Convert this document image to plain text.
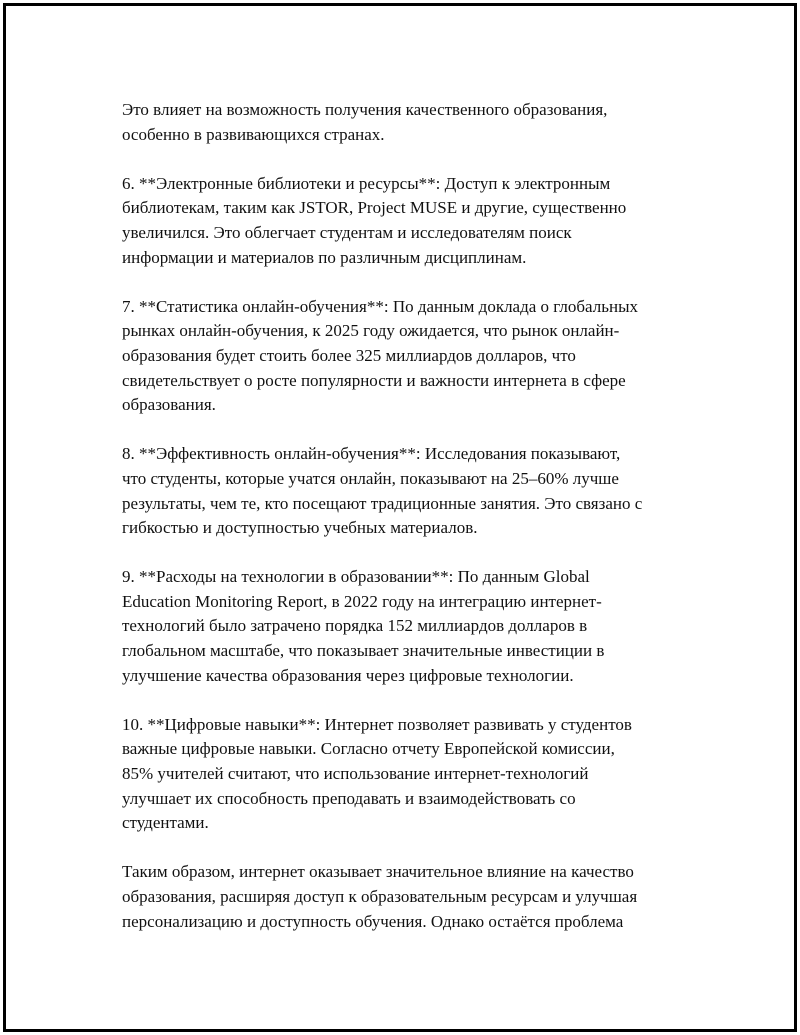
Это влияет на возможность получения качественного образования,
особенно в развивающихся странах.

6. **Электронные библиотеки и ресурсы**: Доступ к электронным
библиотекам, таким как JSTOR, Project MUSE и другие, существенно
увеличился. Это облегчает студентам и исследователям поиск
информации и материалов по различным дисциплинам.

7. **Статистика онлайн-обучения**: По данным доклада о глобальных
рынках онлайн-обучения, к 2025 году ожидается, что рынок онлайн-
образования будет стоить более 325 миллиардов долларов, что
свидетельствует о росте популярности и важности интернета в сфере
образования.

8. **Эффективность онлайн-обучения**: Исследования показывают,
что студенты, которые учатся онлайн, показывают на 25–60% лучше
результаты, чем те, кто посещают традиционные занятия. Это связано с
гибкостью и доступностью учебных материалов.

9. **Расходы на технологии в образовании**: По данным Global
Education Monitoring Report, в 2022 году на интеграцию интернет-
технологий было затрачено порядка 152 миллиардов долларов в
глобальном масштабе, что показывает значительные инвестиции в
улучшение качества образования через цифровые технологии.

10. **Цифровые навыки**: Интернет позволяет развивать у студентов
важные цифровые навыки. Согласно отчету Европейской комиссии,
85% учителей считают, что использование интернет-технологий
улучшает их способность преподавать и взаимодействовать со
студентами.

Таким образом, интернет оказывает значительное влияние на качество
образования, расширяя доступ к образовательным ресурсам и улучшая
персонализацию и доступность обучения. Однако остаётся проблема
